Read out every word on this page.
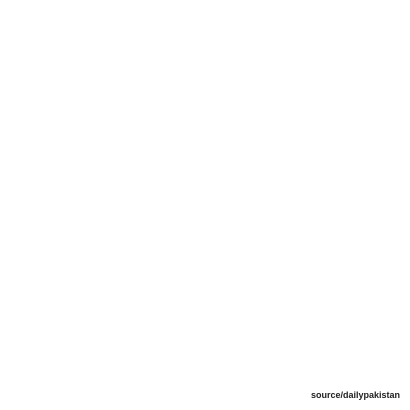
source/dailypakistan
